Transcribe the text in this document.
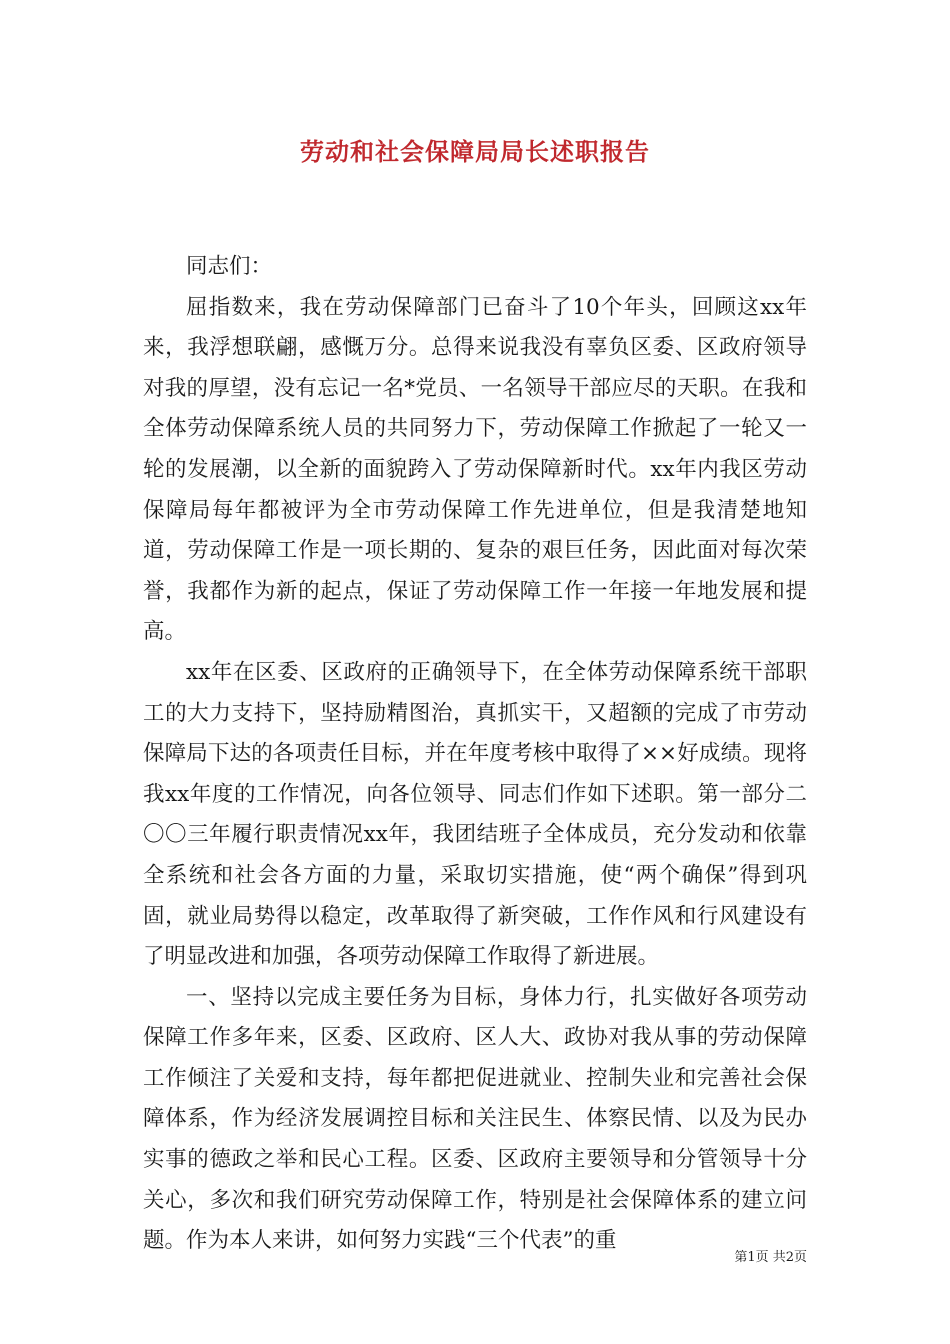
劳动和社会保障局局长述职报告

同志们：

屈指数来，我在劳动保障部门已奋斗了10个年头，回顾这xx年来，我浮想联翩，感慨万分。总得来说我没有辜负区委、区政府领导对我的厚望，没有忘记一名*党员、一名领导干部应尽的天职。在我和全体劳动保障系统人员的共同努力下，劳动保障工作掀起了一轮又一轮的发展潮，以全新的面貌跨入了劳动保障新时代。xx年内我区劳动保障局每年都被评为全市劳动保障工作先进单位，但是我清楚地知道，劳动保障工作是一项长期的、复杂的艰巨任务，因此面对每次荣誉，我都作为新的起点，保证了劳动保障工作一年接一年地发展和提高。

xx年在区委、区政府的正确领导下，在全体劳动保障系统干部职工的大力支持下，坚持励精图治，真抓实干，又超额的完成了市劳动保障局下达的各项责任目标，并在年度考核中取得了××好成绩。现将我xx年度的工作情况，向各位领导、同志们作如下述职。第一部分二〇〇三年履行职责情况xx年，我团结班子全体成员，充分发动和依靠全系统和社会各方面的力量，采取切实措施，使“两个确保”得到巩固，就业局势得以稳定，改革取得了新突破，工作作风和行风建设有了明显改进和加强，各项劳动保障工作取得了新进展。

一、坚持以完成主要任务为目标，身体力行，扎实做好各项劳动保障工作多年来，区委、区政府、区人大、政协对我从事的劳动保障工作倾注了关爱和支持，每年都把促进就业、控制失业和完善社会保障体系，作为经济发展调控目标和关注民生、体察民情、以及为民办实事的德政之举和民心工程。区委、区政府主要领导和分管领导十分关心，多次和我们研究劳动保障工作，特别是社会保障体系的建立问题。作为本人来讲，如何努力实践“三个代表”的重

第1页 共2页
